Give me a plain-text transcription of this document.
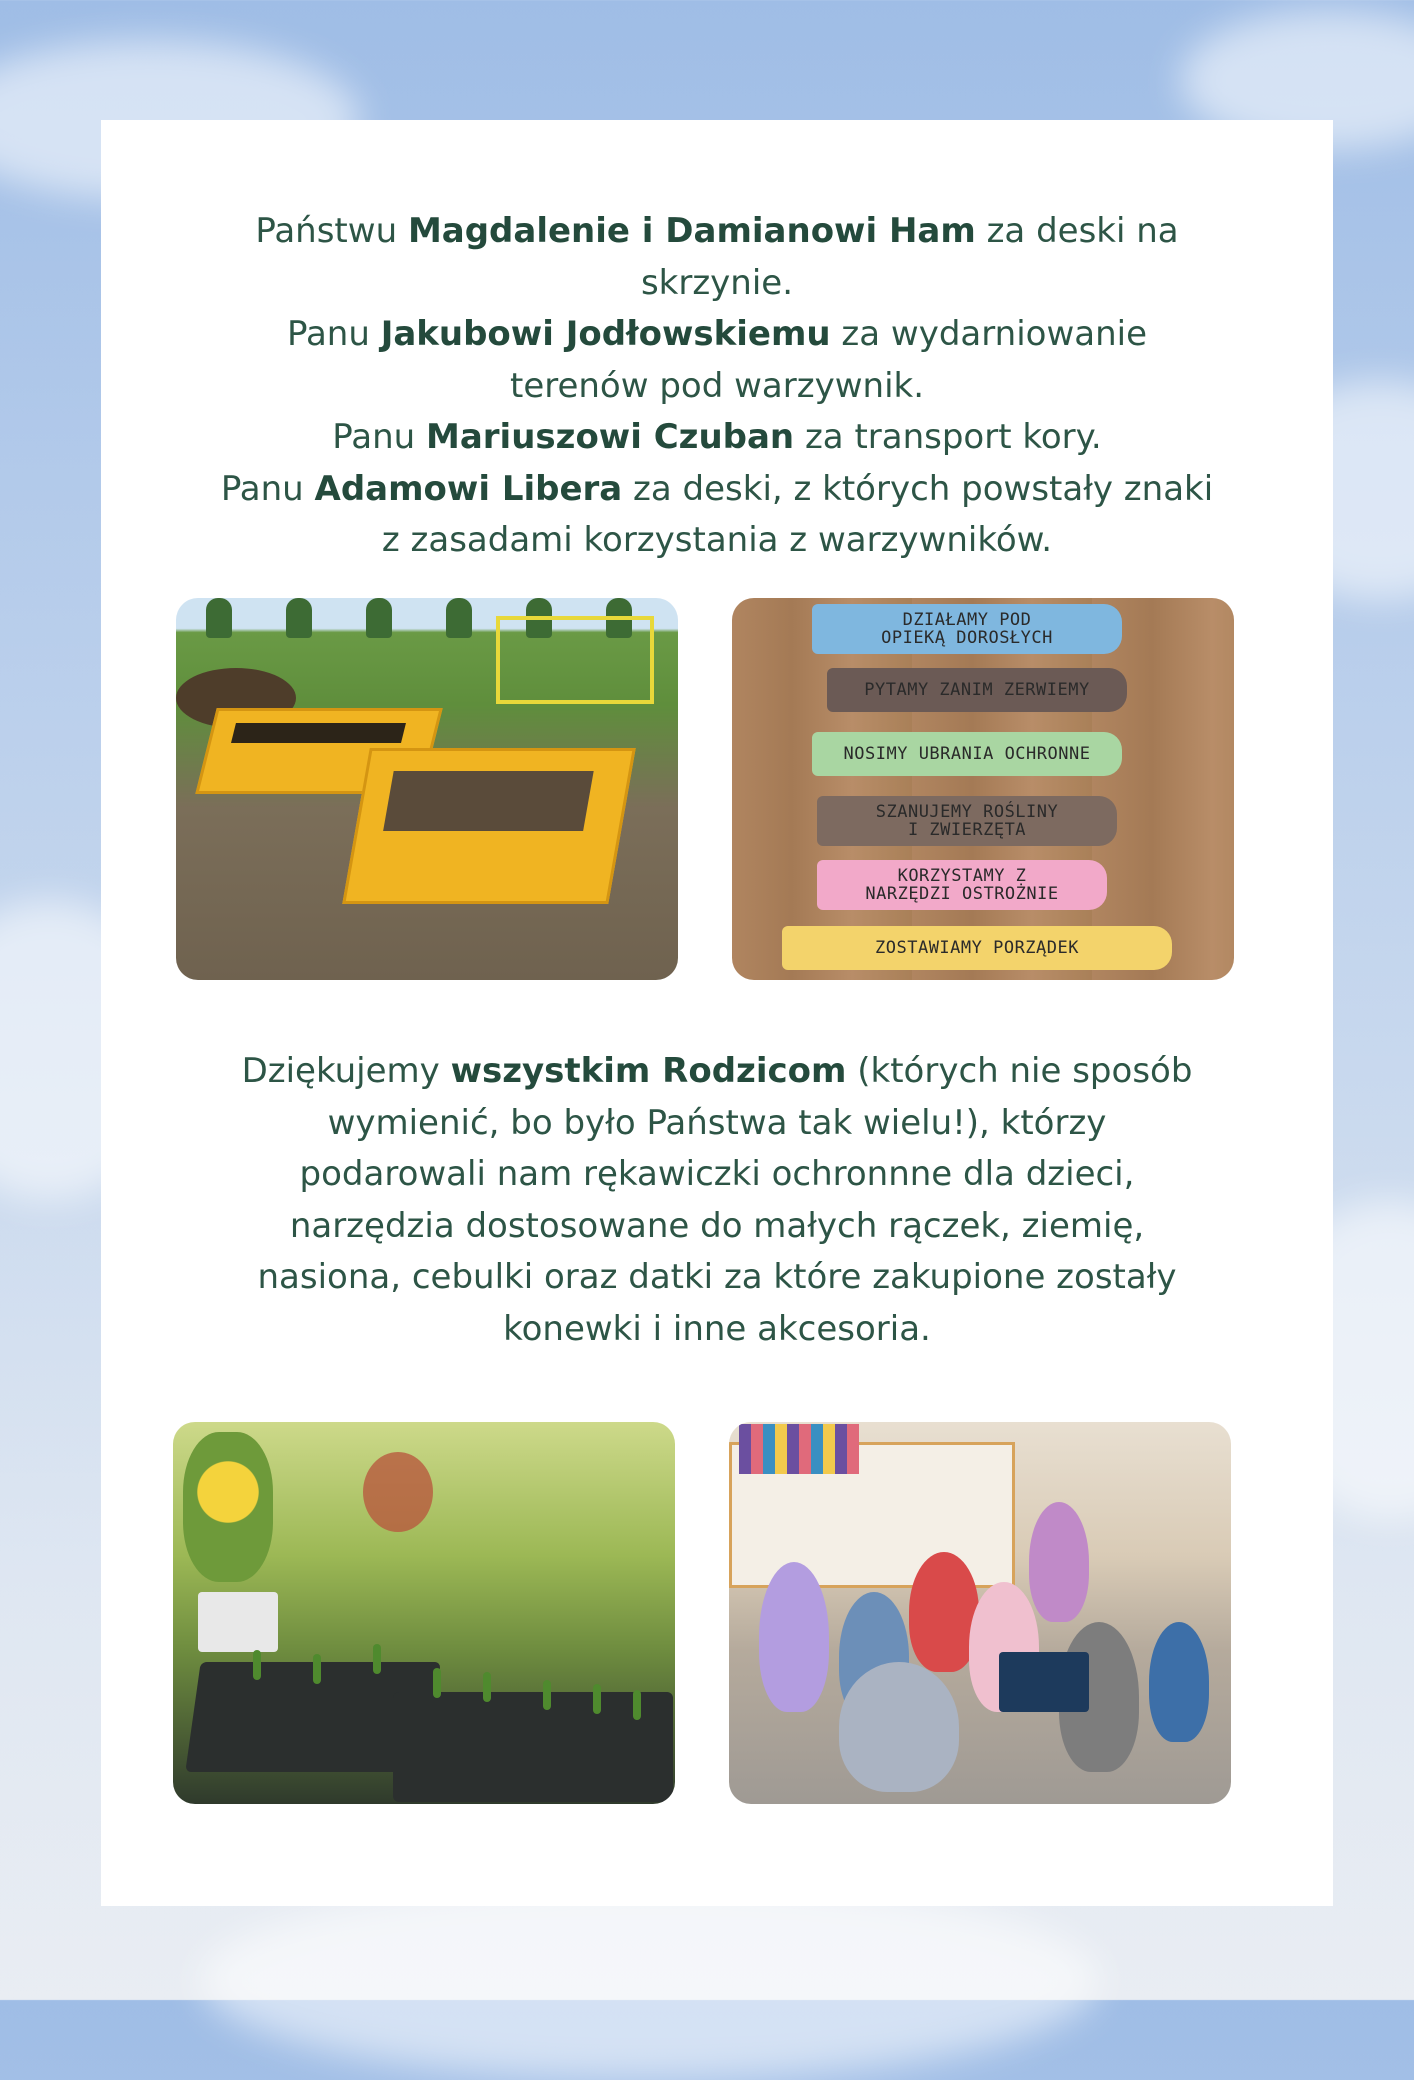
Państwu Magdalenie i Damianowi Ham za deski na
skrzynie.
Panu Jakubowi Jodłowskiemu za wydarniowanie
terenów pod warzywnik.
Panu Mariuszowi Czuban za transport kory.
Panu Adamowi Libera za deski, z których powstały znaki
z zasadami korzystania z warzywników.
Dziękujemy wszystkim Rodzicom (których nie sposób
wymienić, bo było Państwa tak wielu!), którzy
podarowali nam rękawiczki ochronnne dla dzieci,
narzędzia dostosowane do małych rączek, ziemię,
nasiona, cebulki oraz datki za które zakupione zostały
konewki i inne akcesoria.
DZIAŁAMY POD
OPIEKĄ DOROSŁYCH
PYTAMY ZANIM ZERWIEMY
NOSIMY UBRANIA OCHRONNE
SZANUJEMY ROŚLINY
I ZWIERZĘTA
KORZYSTAMY Z
NARZĘDZI OSTROŻNIE
ZOSTAWIAMY PORZĄDEK
